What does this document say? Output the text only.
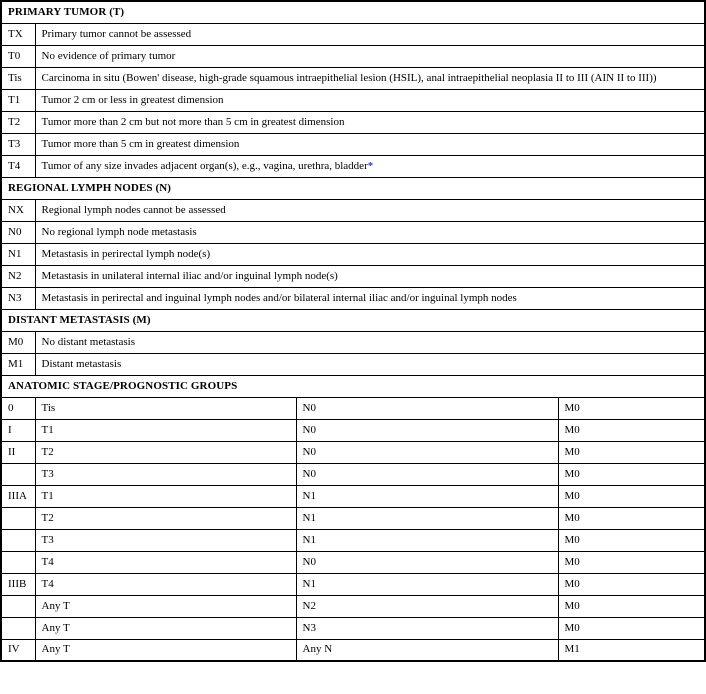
PRIMARY TUMOR (T)			
TX	Primary tumor cannot be assessed		
T0	No evidence of primary tumor		
Tis	Carcinoma in situ (Bowen' disease, high-grade squamous intraepithelial lesion (HSIL), anal intraepithelial neoplasia II to III (AIN II to III))		
T1	Tumor 2 cm or less in greatest dimension		
T2	Tumor more than 2 cm but not more than 5 cm in greatest dimension		
T3	Tumor more than 5 cm in greatest dimension		
T4	Tumor of any size invades adjacent organ(s), e.g., vagina, urethra, bladder*		
REGIONAL LYMPH NODES (N)			
NX	Regional lymph nodes cannot be assessed		
N0	No regional lymph node metastasis		
N1	Metastasis in perirectal lymph node(s)		
N2	Metastasis in unilateral internal iliac and/or inguinal lymph node(s)		
N3	Metastasis in perirectal and inguinal lymph nodes and/or bilateral internal iliac and/or inguinal lymph nodes		
DISTANT METASTASIS (M)			
M0	No distant metastasis		
M1	Distant metastasis		
ANATOMIC STAGE/PROGNOSTIC GROUPS			
0	Tis	N0	M0
I	T1	N0	M0
II	T2	N0	M0
	T3	N0	M0
IIIA	T1	N1	M0
	T2	N1	M0
	T3	N1	M0
	T4	N0	M0
IIIB	T4	N1	M0
	Any T	N2	M0
	Any T	N3	M0
IV	Any T	Any N	M1
